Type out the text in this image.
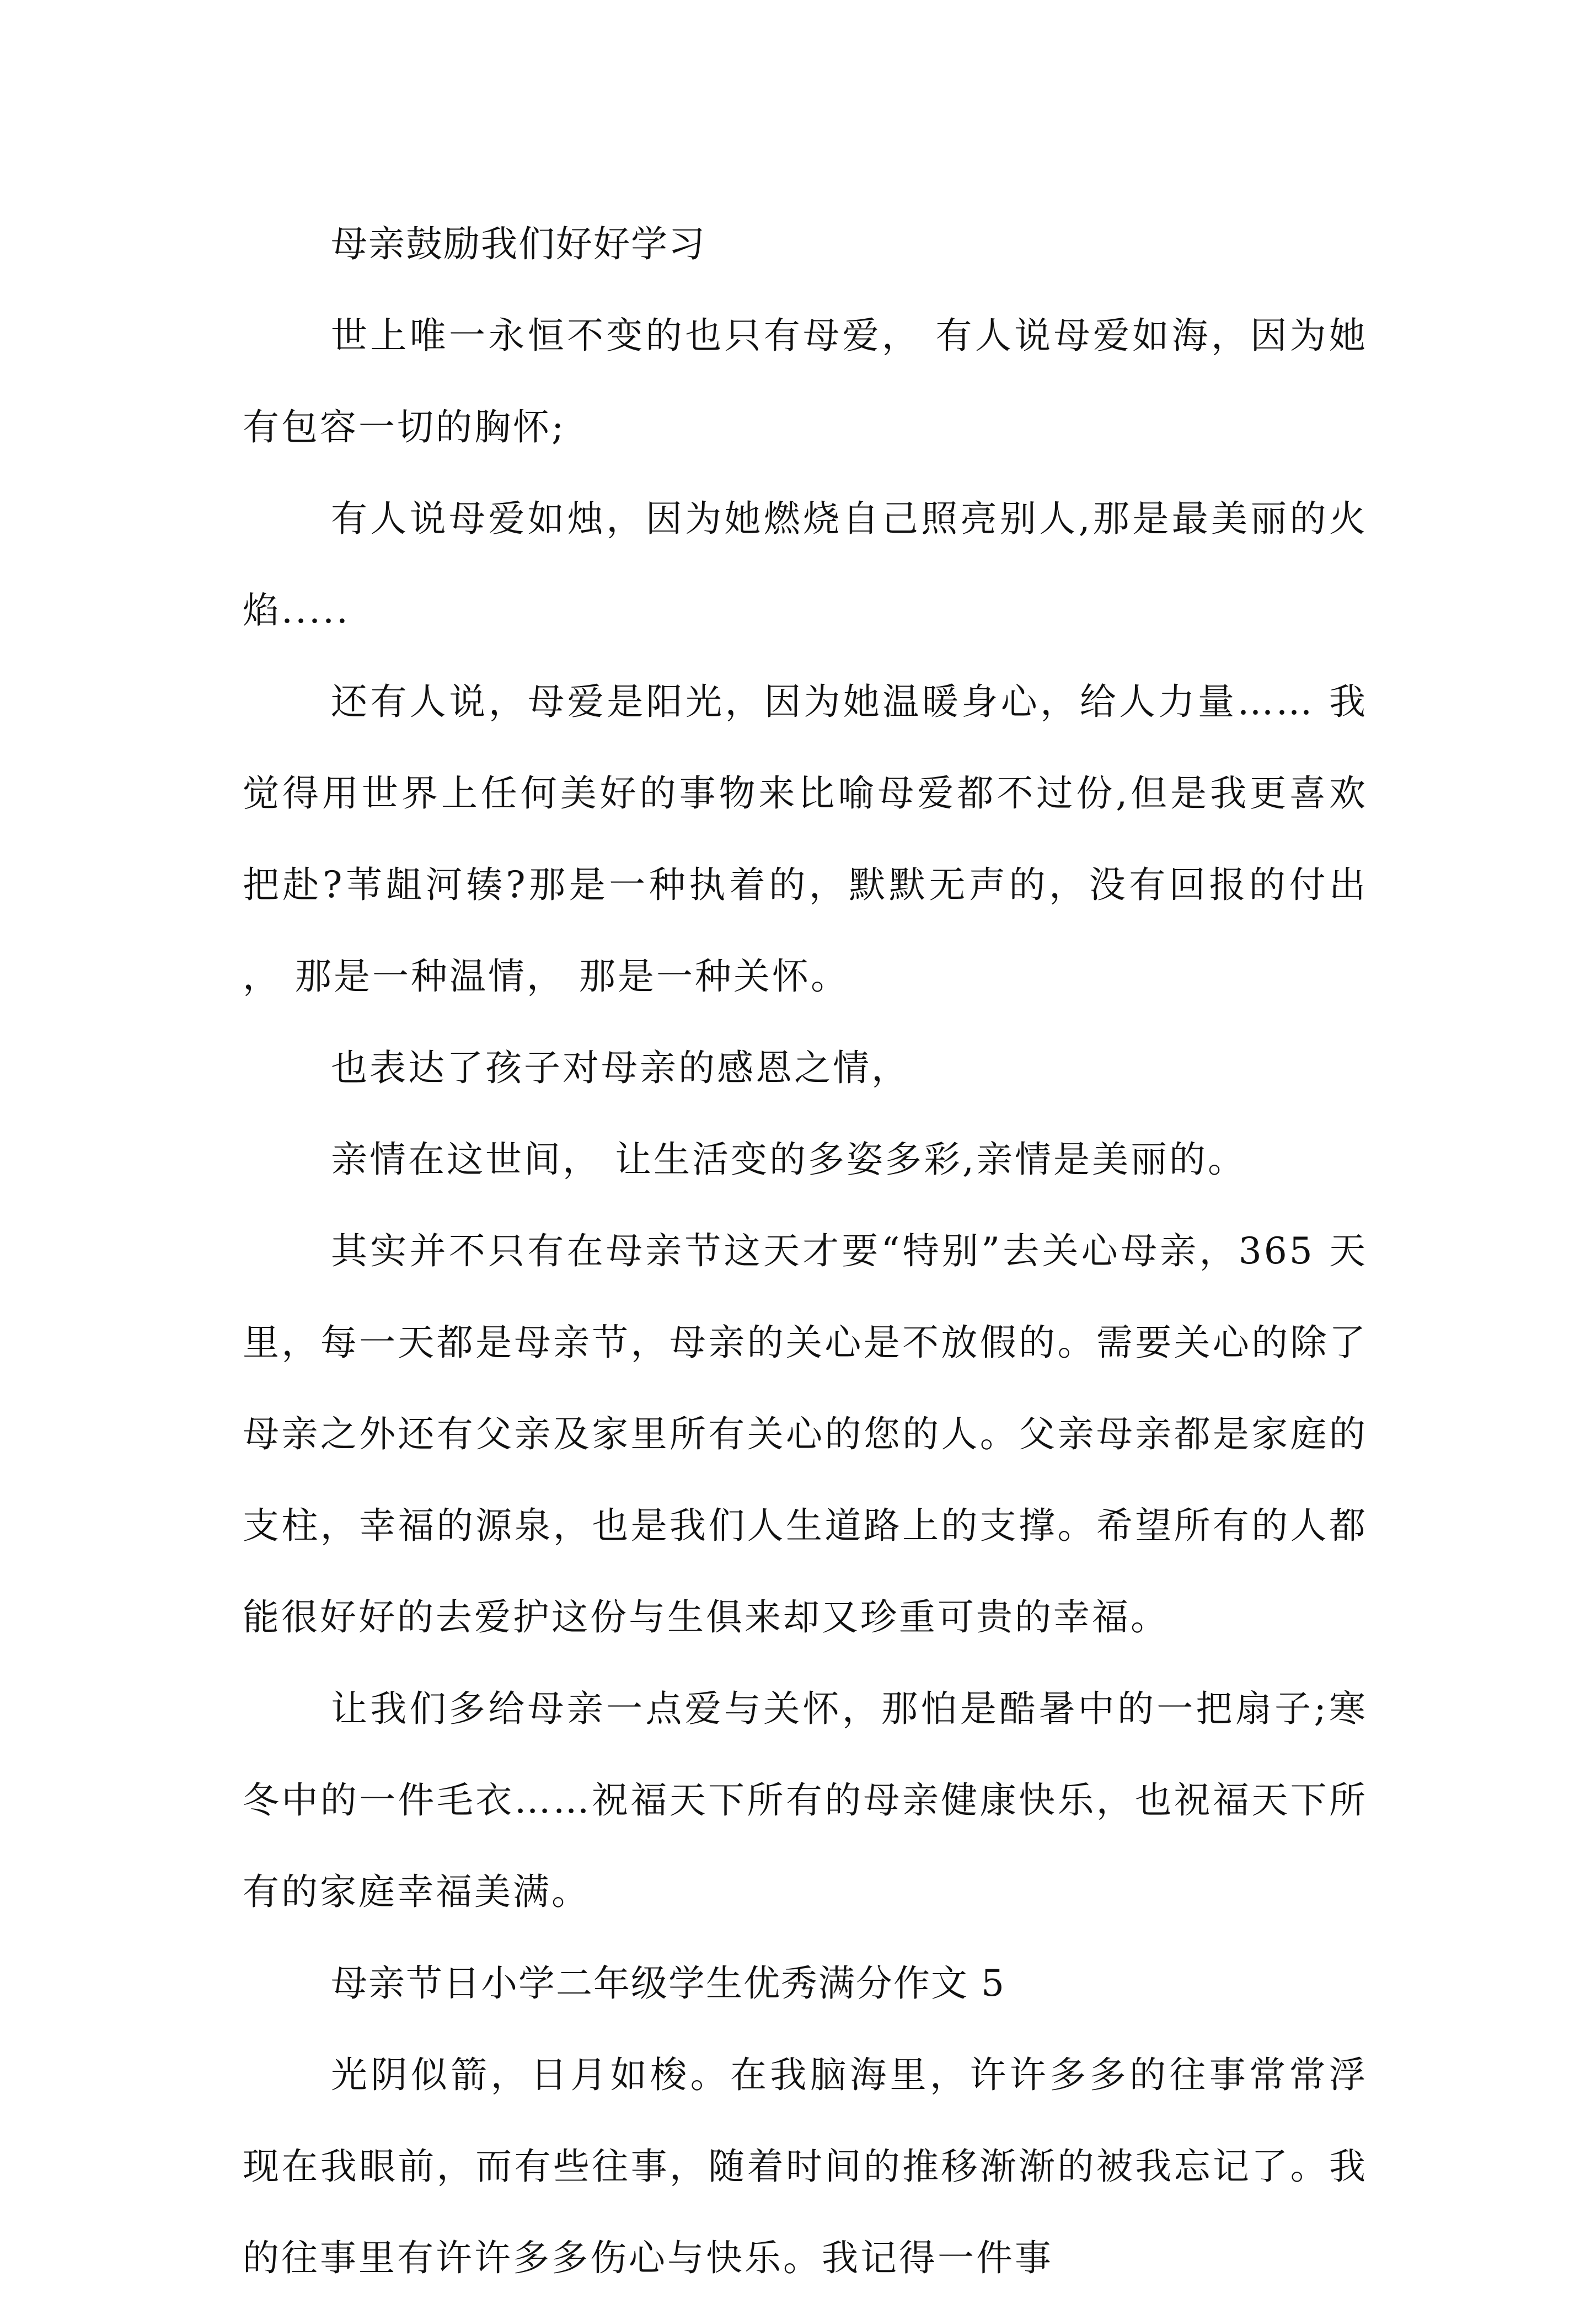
母亲鼓励我们好好学习

世上唯一永恒不变的也只有母爱， 有人说母爱如海，因为她有包容一切的胸怀;

有人说母爱如烛，因为她燃烧自己照亮别人,那是最美丽的火焰.....

还有人说，母爱是阳光，因为她温暖身心，给人力量…… 我觉得用世界上任何美好的事物来比喻母爱都不过份,但是我更喜欢把赴?苇龃河辏?那是一种执着的，默默无声的，没有回报的付出 ， 那是一种温情， 那是一种关怀。

也表达了孩子对母亲的感恩之情，

亲情在这世间， 让生活变的多姿多彩,亲情是美丽的。

其实并不只有在母亲节这天才要“特别”去关心母亲，365 天里，每一天都是母亲节，母亲的关心是不放假的。需要关心的除了母亲之外还有父亲及家里所有关心的您的人。父亲母亲都是家庭的支柱，幸福的源泉，也是我们人生道路上的支撑。希望所有的人都能很好好的去爱护这份与生俱来却又珍重可贵的幸福。

让我们多给母亲一点爱与关怀，那怕是酷暑中的一把扇子;寒冬中的一件毛衣……祝福天下所有的母亲健康快乐，也祝福天下所有的家庭幸福美满。

母亲节日小学二年级学生优秀满分作文 5

光阴似箭，日月如梭。在我脑海里，许许多多的往事常常浮现在我眼前，而有些往事，随着时间的推移渐渐的被我忘记了。我的往事里有许许多多伤心与快乐。我记得一件事
